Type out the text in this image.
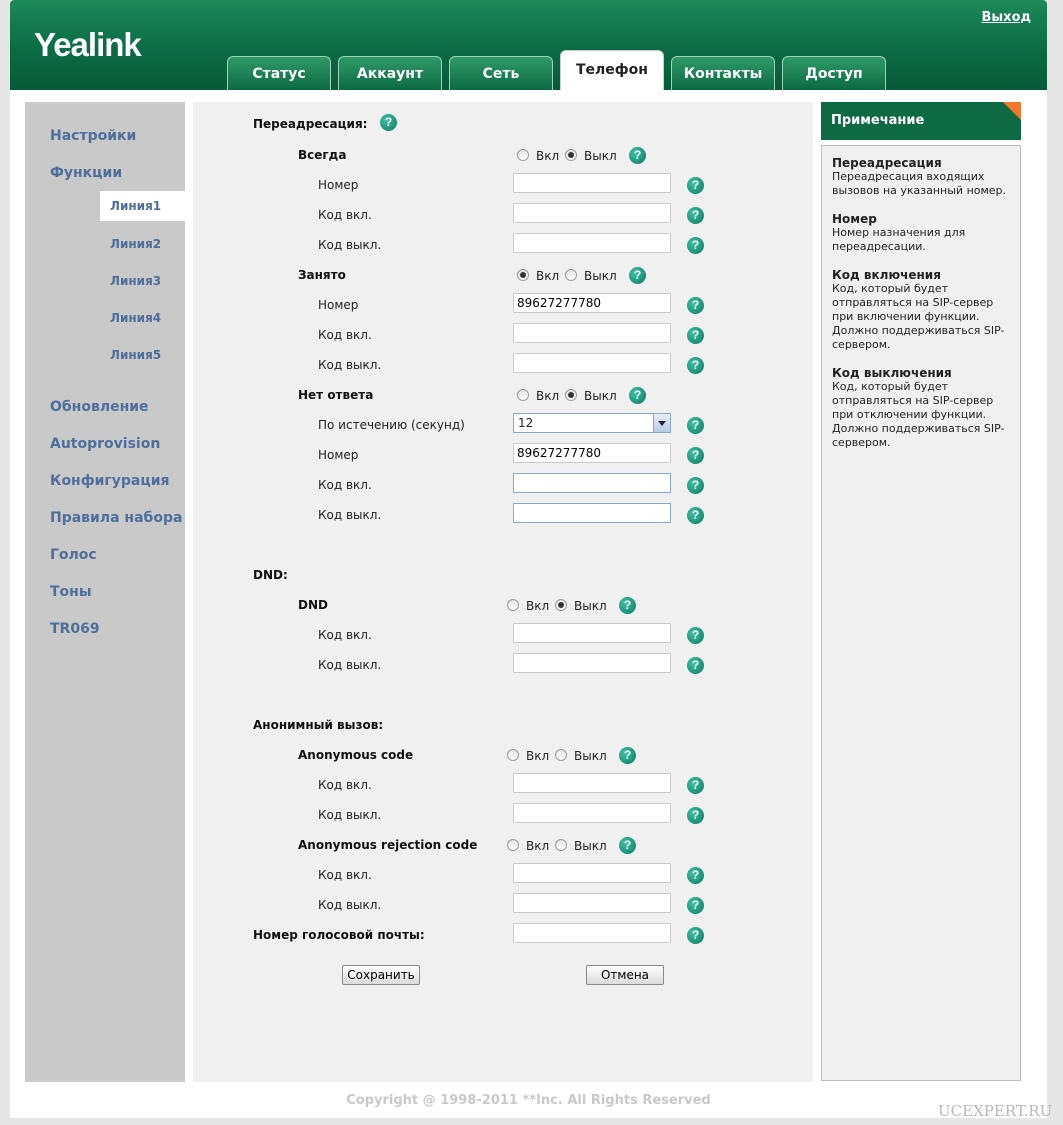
Yealink
Выход
Статус	Аккаунт	Сеть	Телефон	Контакты	Доступ
Настройки
Функции
Линия1
Линия2
Линия3
Линия4
Линия5
Обновление
Autoprovision
Конфигурация
Правила набора
Голос
Тоны
TR069
Переадресация:	?
Всегда	Вкл Выкл	?
Номер	?
Код вкл.	?
Код выкл.	?
Занято	Вкл Выкл	?
Номер	89627277780	?
Код вкл.	?
Код выкл.	?
Нет ответа	Вкл Выкл	?
По истечению (секунд)	12	?
Номер	89627277780	?
Код вкл.	?
Код выкл.	?
DND:
DND	Вкл Выкл	?
Код вкл.	?
Код выкл.	?
Анонимный вызов:
Anonymous code	Вкл Выкл	?
Код вкл.	?
Код выкл.	?
Anonymous rejection code	Вкл Выкл	?
Код вкл.	?
Код выкл.	?
Номер голосовой почты:	?
Сохранить	Отмена
Примечание
Переадресация
Переадресация входящих вызовов на указанный номер.
Номер
Номер назначения для переадресации.
Код включения
Код, который будет отправляться на SIP-сервер при включении функции. Должно поддерживаться SIP-сервером.
Код выключения
Код, который будет отправляться на SIP-сервер при отключении функции. Должно поддерживаться SIP-сервером.
Copyright @ 1998-2011 **Inc. All Rights Reserved
UCEXPERT.RU
